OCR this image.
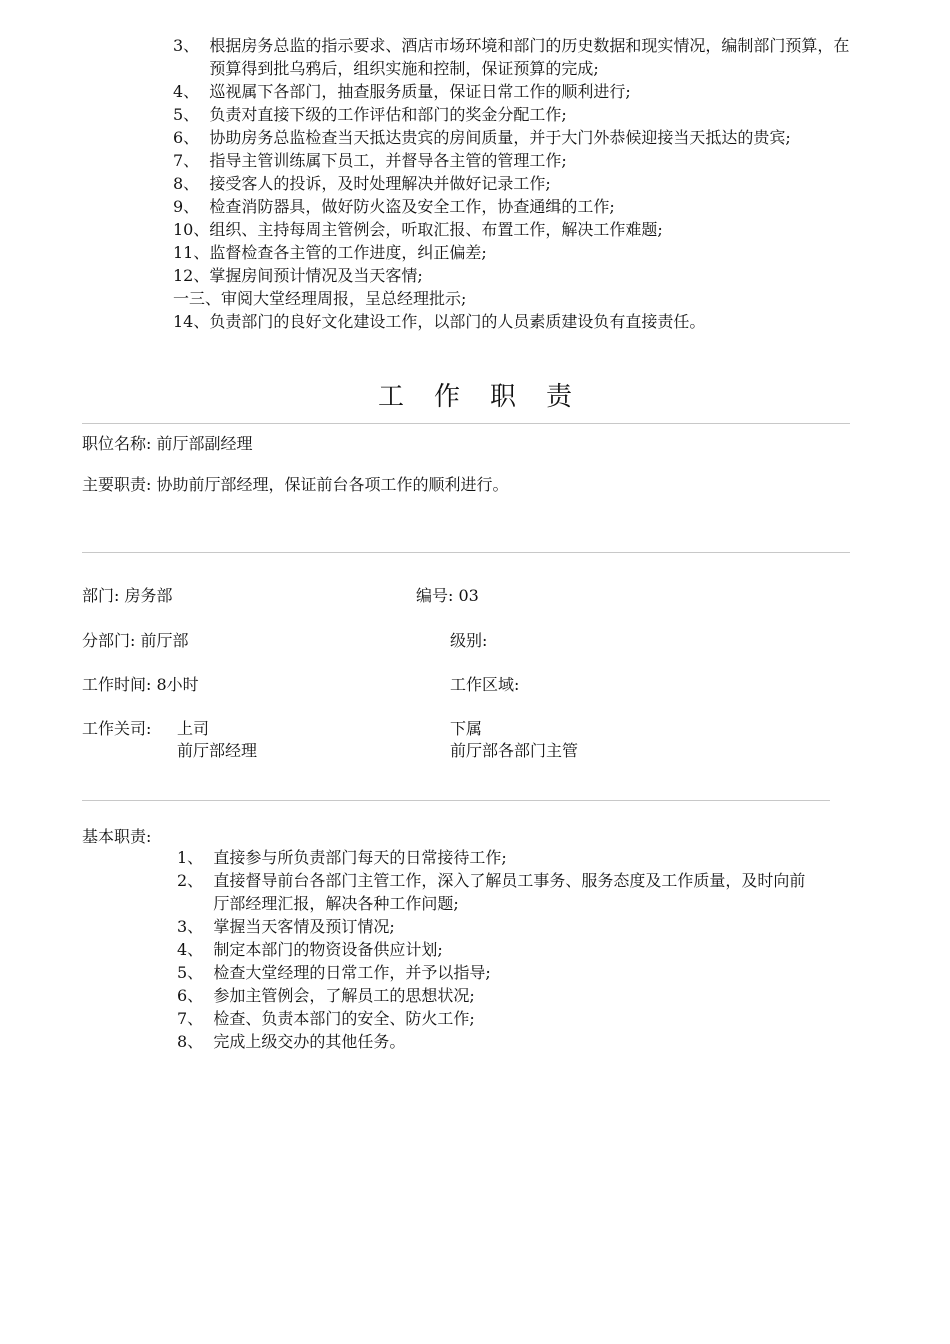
3、 根据房务总监的指示要求、酒店市场环境和部门的历史数据和现实情况，编制部门预算，在预算得到批乌鸦后，组织实施和控制，保证预算的完成;
4、 巡视属下各部门，抽查服务质量，保证日常工作的顺利进行;
5、 负责对直接下级的工作评估和部门的奖金分配工作;
6、 协助房务总监检查当天抵达贵宾的房间质量，并于大门外恭候迎接当天抵达的贵宾;
7、 指导主管训练属下员工，并督导各主管的管理工作;
8、 接受客人的投诉，及时处理解决并做好记录工作;
9、 检查消防器具，做好防火盗及安全工作，协查通缉的工作;
10、 组织、主持每周主管例会，听取汇报、布置工作，解决工作难题;
11、 监督检查各主管的工作进度，纠正偏差;
12、 掌握房间预计情况及当天客情;
一三、 审阅大堂经理周报，呈总经理批示;
14、 负责部门的良好文化建设工作，以部门的人员素质建设负有直接责任。
工作职责
职位名称: 前厅部副经理
主要职责: 协助前厅部经理，保证前台各项工作的顺利进行。
部门: 房务部	编号: 03
分部门: 前厅部	级别:
工作时间: 8小时	工作区域:
工作关司: 上司
前厅部经理
下属
前厅部各部门主管
基本职责:
1、 直接参与所负责部门每天的日常接待工作;
2、 直接督导前台各部门主管工作，深入了解员工事务、服务态度及工作质量，及时向前厅部经理汇报，解决各种工作问题;
3、 掌握当天客情及预订情况;
4、 制定本部门的物资设备供应计划;
5、 检查大堂经理的日常工作，并予以指导;
6、 参加主管例会，了解员工的思想状况;
7、 检查、负责本部门的安全、防火工作;
8、 完成上级交办的其他任务。
